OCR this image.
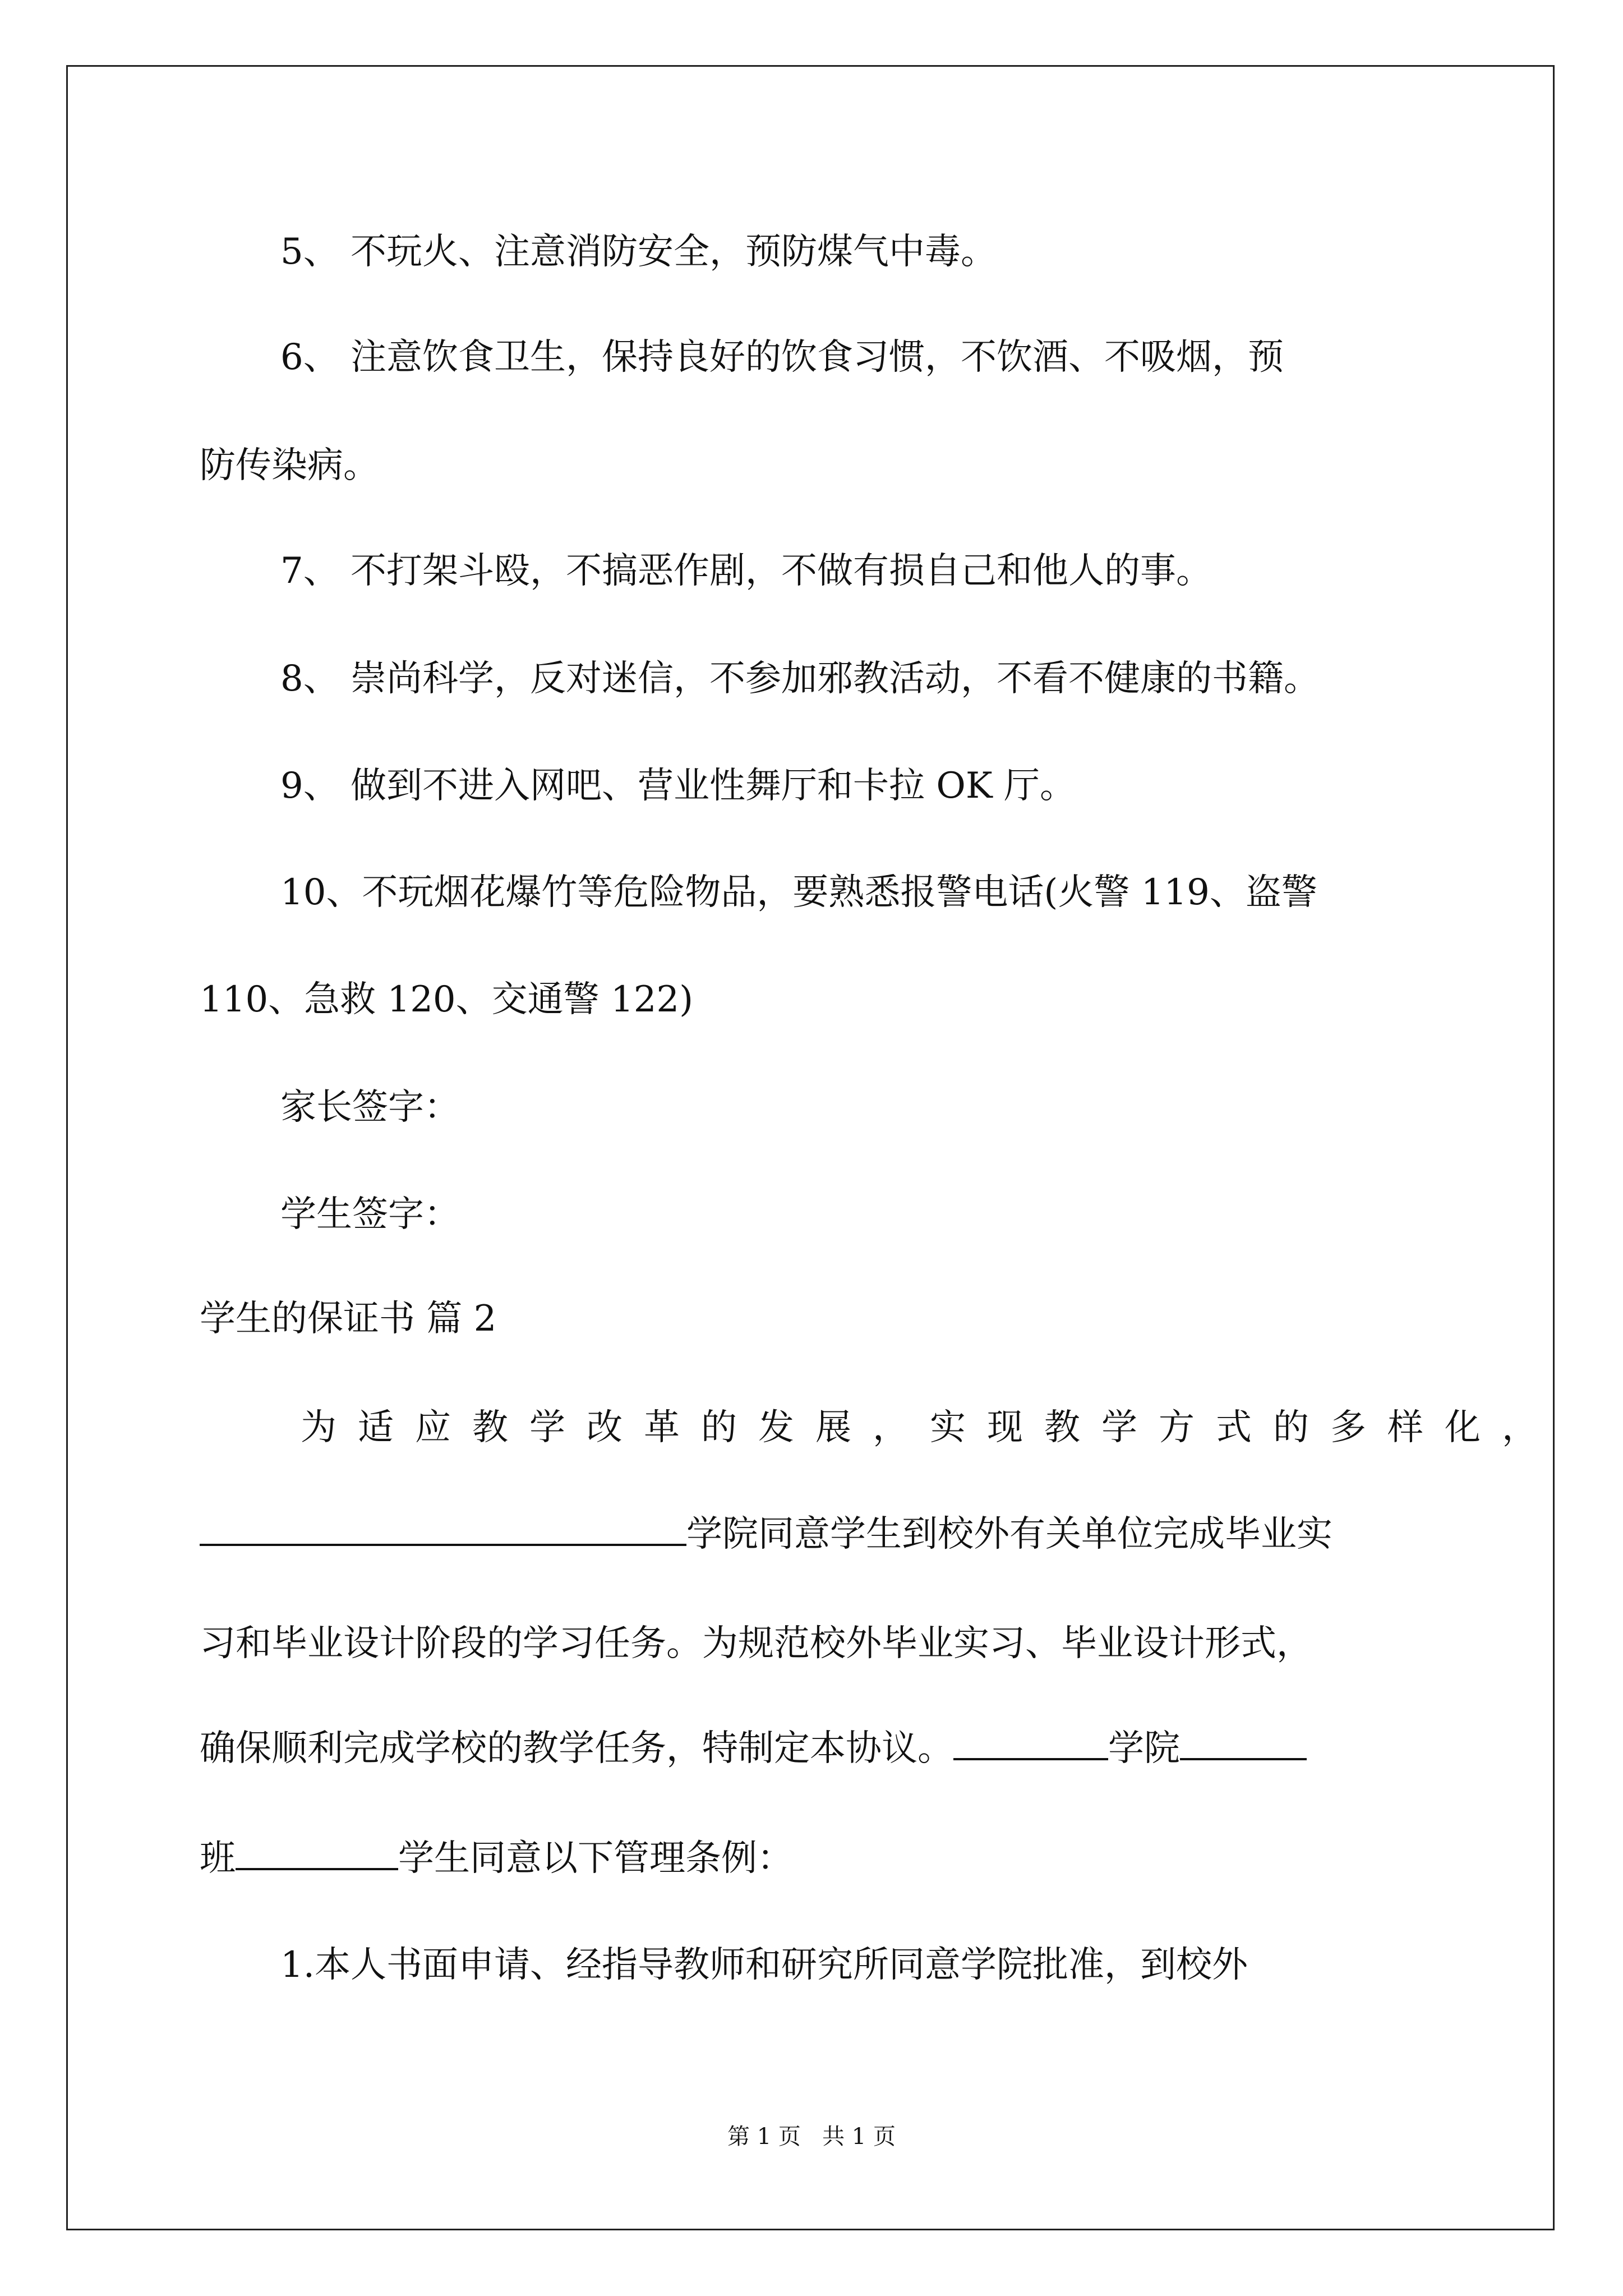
5、 不玩火、注意消防安全，预防煤气中毒。
6、 注意饮食卫生，保持良好的饮食习惯，不饮酒、不吸烟，预
防传染病。
7、 不打架斗殴，不搞恶作剧，不做有损自己和他人的事。
8、 崇尚科学，反对迷信，不参加邪教活动，不看不健康的书籍。
9、 做到不进入网吧、营业性舞厅和卡拉 OK 厅。
10、不玩烟花爆竹等危险物品，要熟悉报警电话(火警 119、盗警
110、急救 120、交通警 122)
家长签字：
学生签字：
学生的保证书 篇 2
为适应教学改革的发展，实现教学方式的多样化，
学院同意学生到校外有关单位完成毕业实
习和毕业设计阶段的学习任务。为规范校外毕业实习、毕业设计形式，
确保顺利完成学校的教学任务，特制定本协议。	学院
班	学生同意以下管理条例：
1.本人书面申请、经指导教师和研究所同意学院批准，到校外
第 1 页   共 1 页
